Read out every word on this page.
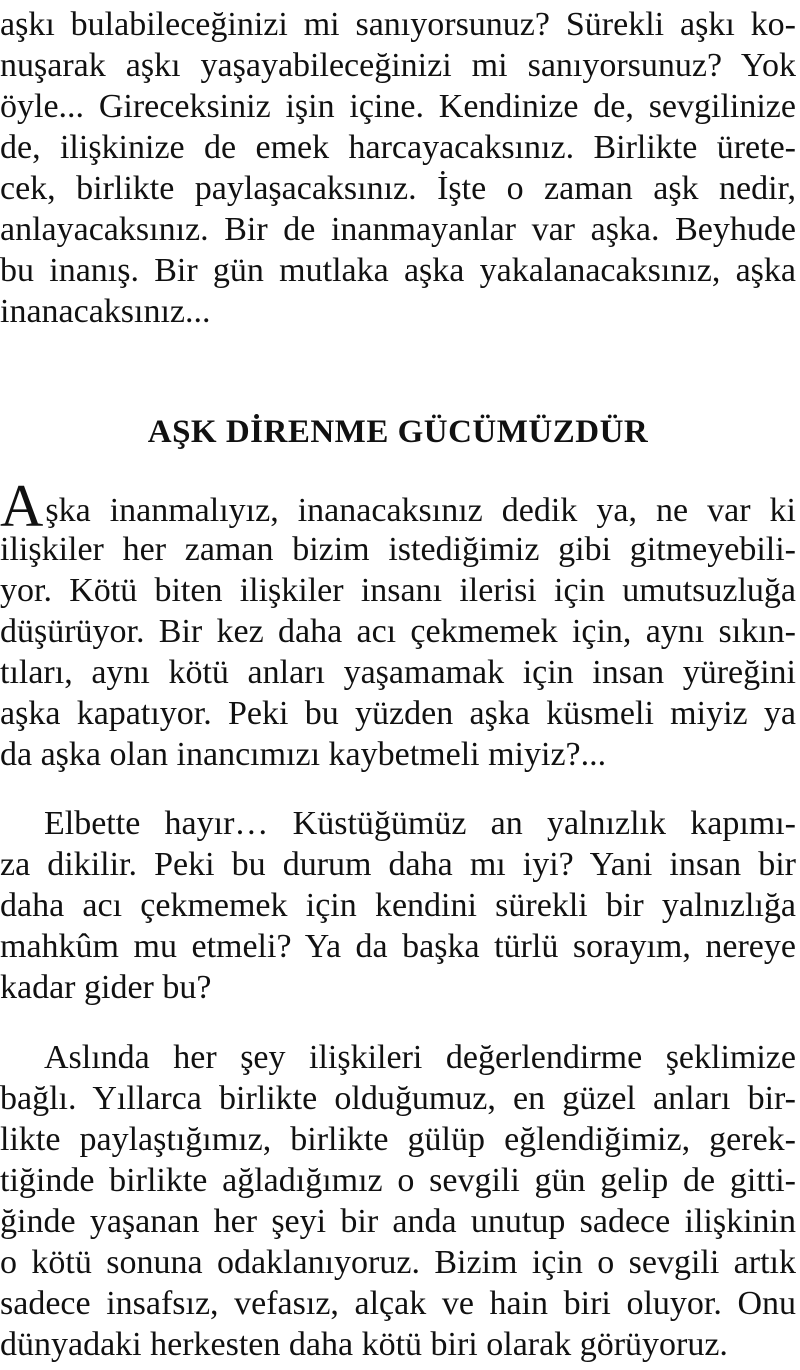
aşkı bulabileceğinizi mi sanıyorsunuz? Sürekli aşkı ko-
nuşarak aşkı yaşayabileceğinizi mi sanıyorsunuz? Yok
öyle... Gireceksiniz işin içine. Kendinize de, sevgilinize
de, ilişkinize de emek harcayacaksınız. Birlikte ürete-
cek, birlikte paylaşacaksınız. İşte o zaman aşk nedir,
anlayacaksınız. Bir de inanmayanlar var aşka. Beyhude
bu inanış. Bir gün mutlaka aşka yakalanacaksınız, aşka
inanacaksınız...
AŞK DİRENME GÜCÜMÜZDÜR
A şka inanmalıyız, inanacaksınız dedik ya, ne var ki
ilişkiler her zaman bizim istediğimiz gibi gitmeyebili-
yor. Kötü biten ilişkiler insanı ilerisi için umutsuzluğa
düşürüyor. Bir kez daha acı çekmemek için, aynı sıkın-
tıları, aynı kötü anları yaşamamak için insan yüreğini
aşka kapatıyor. Peki bu yüzden aşka küsmeli miyiz ya
da aşka olan inancımızı kaybetmeli miyiz?...
Elbette hayır… Küstüğümüz an yalnızlık kapımı-
za dikilir. Peki bu durum daha mı iyi? Yani insan bir
daha acı çekmemek için kendini sürekli bir yalnızlığa
mahkûm mu etmeli? Ya da başka türlü sorayım, nereye
kadar gider bu?
Aslında her şey ilişkileri değerlendirme şeklimize
bağlı. Yıllarca birlikte olduğumuz, en güzel anları bir-
likte paylaştığımız, birlikte gülüp eğlendiğimiz, gerek-
tiğinde birlikte ağladığımız o sevgili gün gelip de gitti-
ğinde yaşanan her şeyi bir anda unutup sadece ilişkinin
o kötü sonuna odaklanıyoruz. Bizim için o sevgili artık
sadece insafsız, vefasız, alçak ve hain biri oluyor. Onu
dünyadaki herkesten daha kötü biri olarak görüyoruz.
